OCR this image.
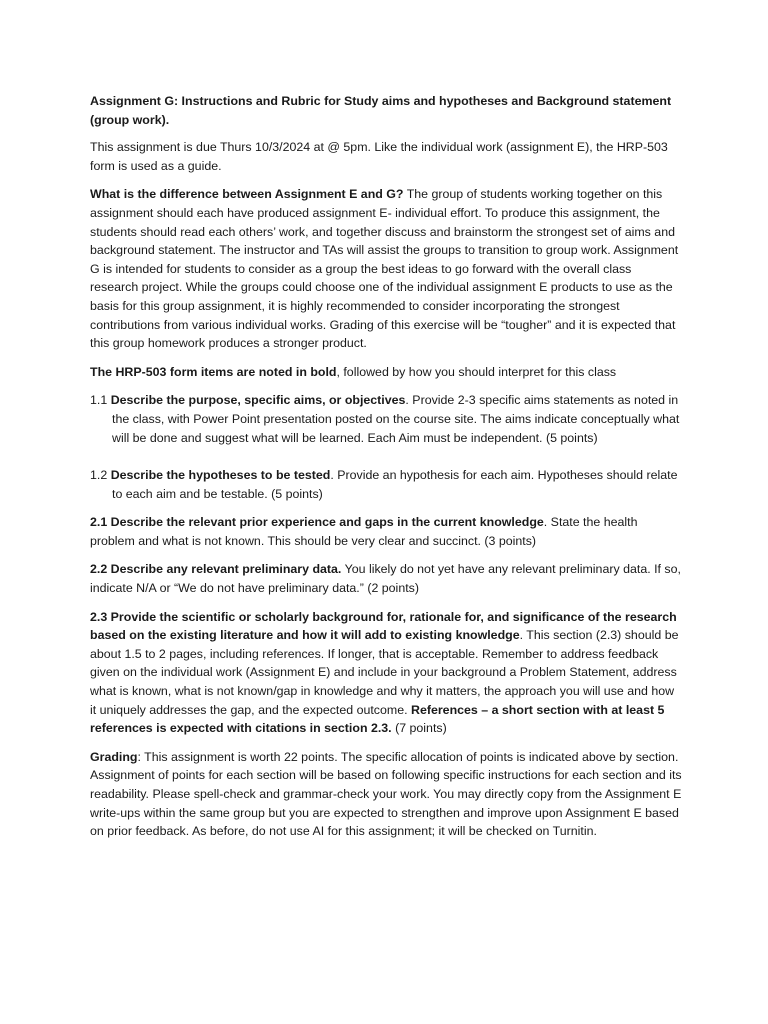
Assignment G: Instructions and Rubric for Study aims and hypotheses and Background statement (group work).

This assignment is due Thurs 10/3/2024 at @ 5pm. Like the individual work (assignment E), the HRP-503 form is used as a guide.

What is the difference between Assignment E and G? The group of students working together on this assignment should each have produced assignment E- individual effort. To produce this assignment, the students should read each others’ work, and together discuss and brainstorm the strongest set of aims and background statement. The instructor and TAs will assist the groups to transition to group work. Assignment G is intended for students to consider as a group the best ideas to go forward with the overall class research project. While the groups could choose one of the individual assignment E products to use as the basis for this group assignment, it is highly recommended to consider incorporating the strongest contributions from various individual works. Grading of this exercise will be “tougher” and it is expected that this group homework produces a stronger product.

The HRP-503 form items are noted in bold, followed by how you should interpret for this class

1.1 Describe the purpose, specific aims, or objectives. Provide 2-3 specific aims statements as noted in the class, with Power Point presentation posted on the course site. The aims indicate conceptually what will be done and suggest what will be learned. Each Aim must be independent. (5 points)

1.2 Describe the hypotheses to be tested. Provide an hypothesis for each aim. Hypotheses should relate to each aim and be testable. (5 points)

2.1 Describe the relevant prior experience and gaps in the current knowledge. State the health problem and what is not known. This should be very clear and succinct. (3 points)

2.2 Describe any relevant preliminary data. You likely do not yet have any relevant preliminary data. If so, indicate N/A or “We do not have preliminary data.” (2 points)

2.3 Provide the scientific or scholarly background for, rationale for, and significance of the research based on the existing literature and how it will add to existing knowledge. This section (2.3) should be about 1.5 to 2 pages, including references. If longer, that is acceptable. Remember to address feedback given on the individual work (Assignment E) and include in your background a Problem Statement, address what is known, what is not known/gap in knowledge and why it matters, the approach you will use and how it uniquely addresses the gap, and the expected outcome. References – a short section with at least 5 references is expected with citations in section 2.3. (7 points)

Grading: This assignment is worth 22 points. The specific allocation of points is indicated above by section. Assignment of points for each section will be based on following specific instructions for each section and its readability. Please spell-check and grammar-check your work. You may directly copy from the Assignment E write-ups within the same group but you are expected to strengthen and improve upon Assignment E based on prior feedback. As before, do not use AI for this assignment; it will be checked on Turnitin.
